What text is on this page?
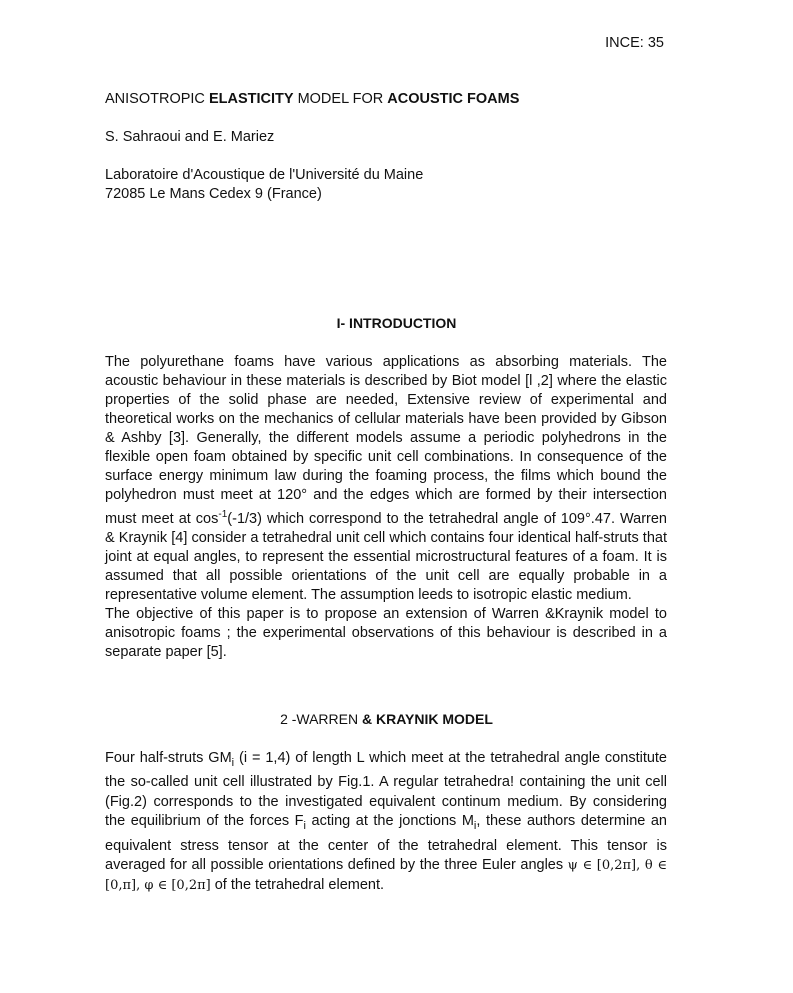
INCE: 35
ANISOTROPIC ELASTICITY MODEL FOR ACOUSTIC FOAMS
S. Sahraoui and E. Mariez
Laboratoire d'Acoustique de l'Université du Maine
72085 Le Mans Cedex 9 (France)
I- INTRODUCTION

The polyurethane foams have various applications as absorbing materials. The acoustic behaviour in these materials is described by Biot model [l ,2] where the elastic properties of the solid phase are needed, Extensive review of experimental and theoretical works on the mechanics of cellular materials have been provided by Gibson & Ashby [3]. Generally, the different models assume a periodic polyhedrons in the flexible open foam obtained by specific unit cell combinations. In consequence of the surface energy minimum law during the foaming process, the films which bound the polyhedron must meet at 120° and the edges which are formed by their intersection must meet at $\cos^{-1}(-1/3)$ which correspond to the tetrahedral angle of 109°.47. Warren & Kraynik [4] consider a tetrahedral unit cell which contains four identical half-struts that joint at equal angles, to represent the essential microstructural features of a foam. It is assumed that all possible orientations of the unit cell are equally probable in a representative volume element. The assumption leeds to isotropic elastic medium.

The objective of this paper is to propose an extension of Warren &Kraynik model to anisotropic foams ; the experimental observations of this behaviour is described in a separate paper [5].

2 -WARREN & KRAYNIK MODEL

Four half-struts $GM_i$ (i = 1,4) of length L which meet at the tetrahedral angle constitute the so-called unit cell illustrated by Fig.1. A regular tetrahedra! containing the unit cell (Fig.2) corresponds to the investigated equivalent continum medium. By considering the equilibrium of the forces $F_i$ acting at the jonctions $M_i$, these authors determine an equivalent stress tensor at the center of the tetrahedral element. This tensor is averaged for all possible orientations defined by the three Euler angles ψ ∈ [0,2π], θ ∈ [0,π], φ ∈ [0,2π] of the tetrahedral element.
